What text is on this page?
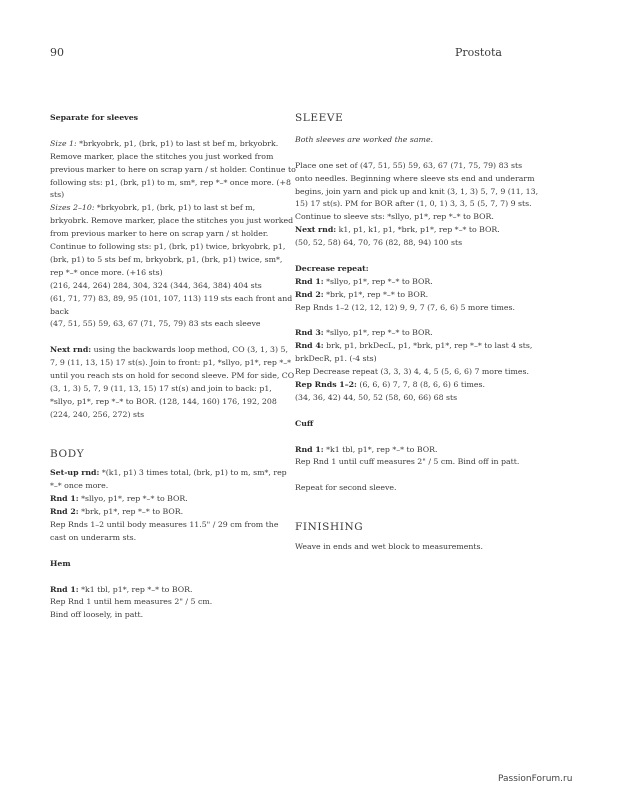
90	Prostota

Separate for sleeves

Size 1: *brkyobrk, p1, (brk, p1) to last st bef m, brkyobrk. Remove marker, place the stitches you just worked from previous marker to here on scrap yarn / st holder. Continue to following sts: p1, (brk, p1) to m, sm*, rep *–* once more. (+8 sts)

Sizes 2–10: *brkyobrk, p1, (brk, p1) to last st bef m, brkyobrk. Remove marker, place the stitches you just worked from previous marker to here on scrap yarn / st holder. Continue to following sts: p1, (brk, p1) twice, brkyobrk, p1, (brk, p1) to 5 sts bef m, brkyobrk, p1, (brk, p1) twice, sm*, rep *–* once more. (+16 sts)

(216, 244, 264) 284, 304, 324 (344, 364, 384) 404 sts

(61, 71, 77) 83, 89, 95 (101, 107, 113) 119 sts each front and back

(47, 51, 55) 59, 63, 67 (71, 75, 79) 83 sts each sleeve

Next rnd: using the backwards loop method, CO (3, 1, 3) 5, 7, 9 (11, 13, 15) 17 st(s). Join to front: p1, *sllyo, p1*, rep *–* until you reach sts on hold for second sleeve. PM for side, CO (3, 1, 3) 5, 7, 9 (11, 13, 15) 17 st(s) and join to back: p1, *sllyo, p1*, rep *–* to BOR. (128, 144, 160) 176, 192, 208 (224, 240, 256, 272) sts

BODY

Set-up rnd: *(k1, p1) 3 times total, (brk, p1) to m, sm*, rep *–* once more.

Rnd 1: *sllyo, p1*, rep *–* to BOR.

Rnd 2: *brk, p1*, rep *–* to BOR.

Rep Rnds 1–2 until body measures 11.5" / 29 cm from the cast on underarm sts.

Hem

Rnd 1: *k1 tbl, p1*, rep *–* to BOR.

Rep Rnd 1 until hem measures 2" / 5 cm.

Bind off loosely, in patt.

SLEEVE

Both sleeves are worked the same.

Place one set of (47, 51, 55) 59, 63, 67 (71, 75, 79) 83 sts onto needles. Beginning where sleeve sts end and underarm begins, join yarn and pick up and knit (3, 1, 3) 5, 7, 9 (11, 13, 15) 17 st(s). PM for BOR after (1, 0, 1) 3, 3, 5 (5, 7, 7) 9 sts. Continue to sleeve sts: *sllyo, p1*, rep *–* to BOR.

Next rnd: k1, p1, k1, p1, *brk, p1*, rep *–* to BOR.

(50, 52, 58) 64, 70, 76 (82, 88, 94) 100 sts

Decrease repeat:

Rnd 1: *sllyo, p1*, rep *–* to BOR.

Rnd 2: *brk, p1*, rep *–* to BOR.

Rep Rnds 1–2 (12, 12, 12) 9, 9, 7 (7, 6, 6) 5 more times.

Rnd 3: *sllyo, p1*, rep *–* to BOR.

Rnd 4: brk, p1, brkDecL, p1, *brk, p1*, rep *–* to last 4 sts, brkDecR, p1. (-4 sts)

Rep Decrease repeat (3, 3, 3) 4, 4, 5 (5, 6, 6) 7 more times.

Rep Rnds 1–2: (6, 6, 6) 7, 7, 8 (8, 6, 6) 6 times.

(34, 36, 42) 44, 50, 52 (58, 60, 66) 68 sts

Cuff

Rnd 1: *k1 tbl, p1*, rep *–* to BOR.

Rep Rnd 1 until cuff measures 2" / 5 cm. Bind off in patt.

Repeat for second sleeve.

FINISHING

Weave in ends and wet block to measurements.

PassionForum.ru
